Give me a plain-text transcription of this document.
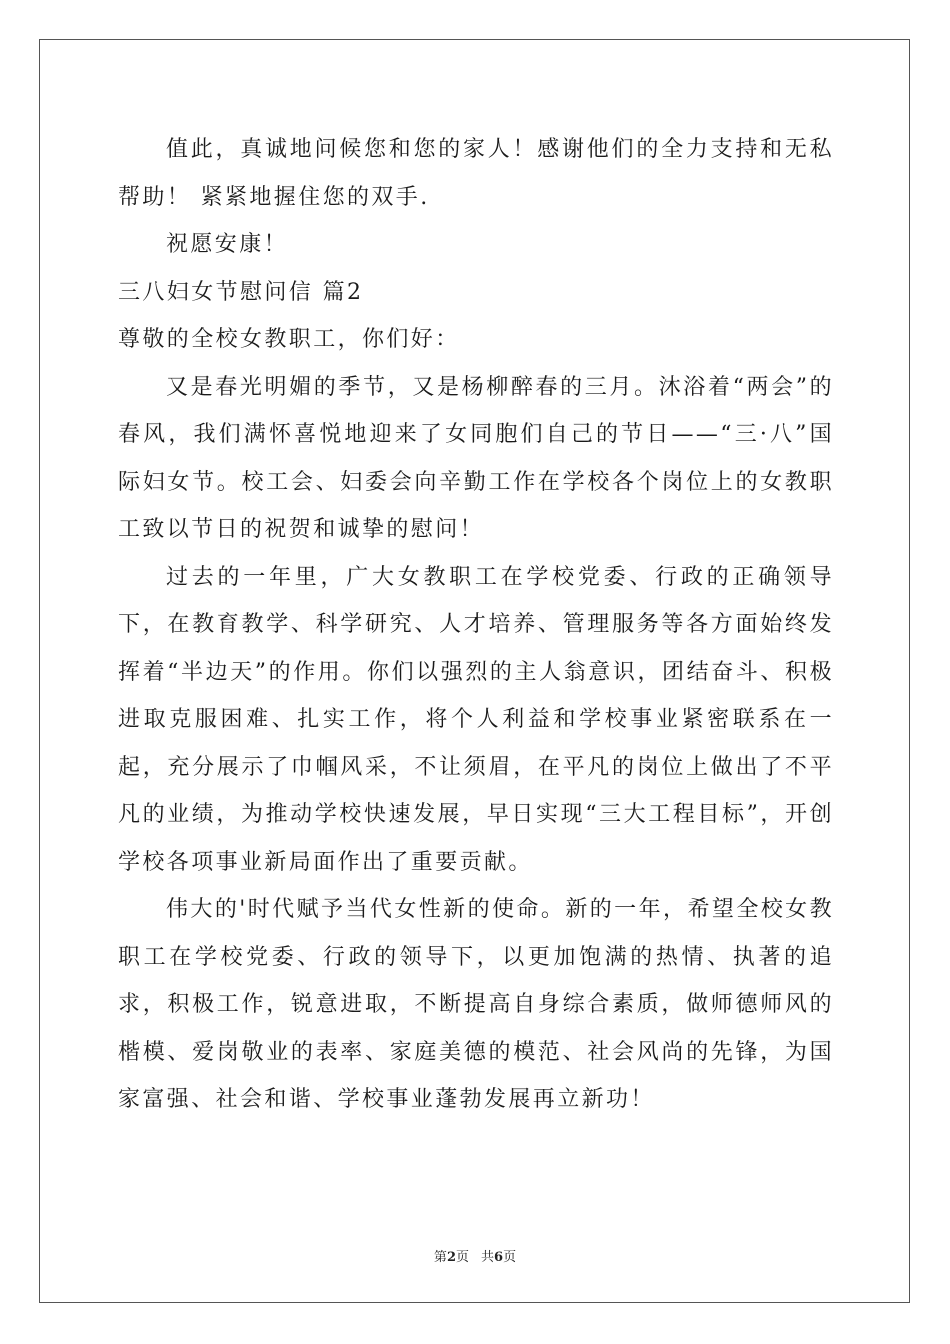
值此，真诚地问候您和您的家人！感谢他们的全力支持和无私帮助！ 紧紧地握住您的双手.

祝愿安康！

三八妇女节慰问信 篇2

尊敬的全校女教职工，你们好：

又是春光明媚的季节，又是杨柳醉春的三月。沐浴着“两会”的春风，我们满怀喜悦地迎来了女同胞们自己的节日——“三·八”国际妇女节。校工会、妇委会向辛勤工作在学校各个岗位上的女教职工致以节日的祝贺和诚挚的慰问！

过去的一年里，广大女教职工在学校党委、行政的正确领导下，在教育教学、科学研究、人才培养、管理服务等各方面始终发挥着“半边天”的作用。你们以强烈的主人翁意识，团结奋斗、积极进取克服困难、扎实工作，将个人利益和学校事业紧密联系在一起，充分展示了巾帼风采，不让须眉，在平凡的岗位上做出了不平凡的业绩，为推动学校快速发展，早日实现“三大工程目标”，开创学校各项事业新局面作出了重要贡献。

伟大的'时代赋予当代女性新的使命。新的一年，希望全校女教职工在学校党委、行政的领导下，以更加饱满的热情、执著的追求，积极工作，锐意进取，不断提高自身综合素质，做师德师风的楷模、爱岗敬业的表率、家庭美德的模范、社会风尚的先锋，为国家富强、社会和谐、学校事业蓬勃发展再立新功！

第2页 共6页
